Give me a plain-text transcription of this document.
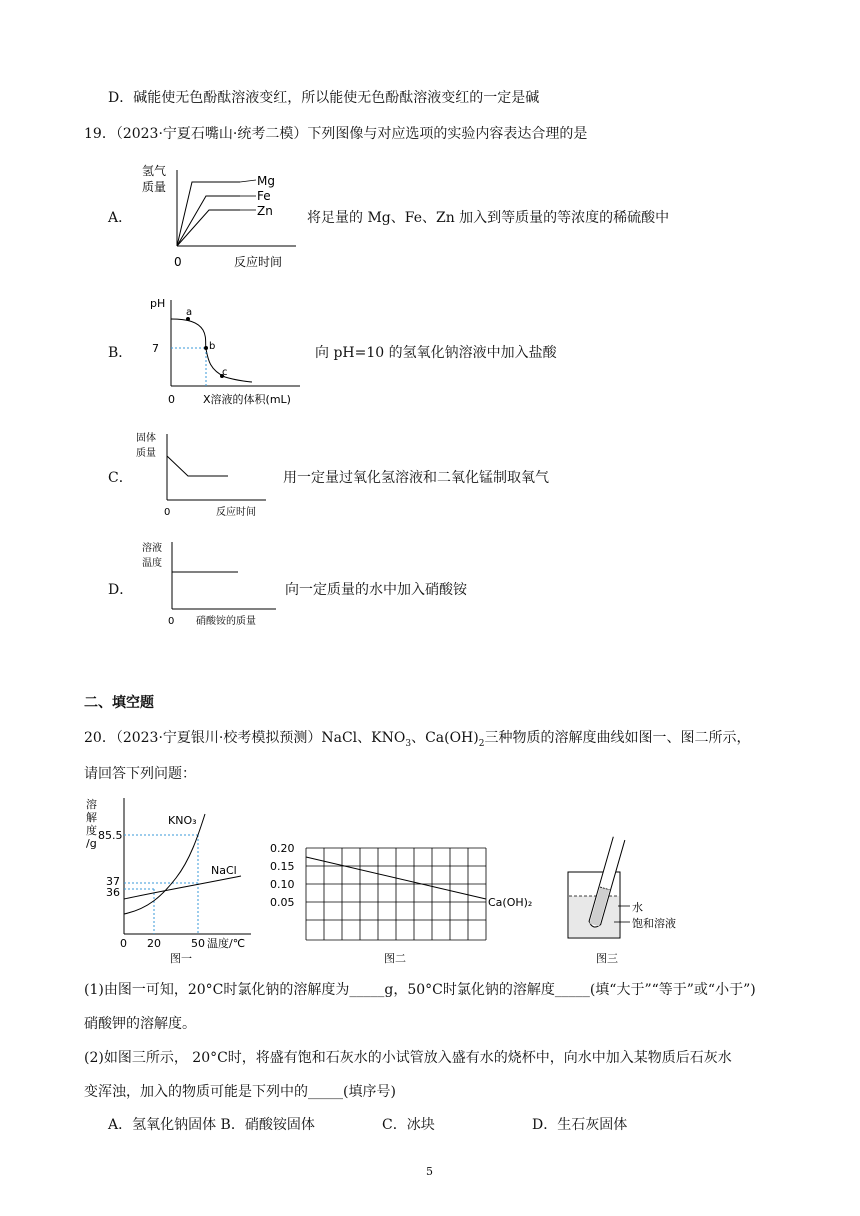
D．碱能使无色酚酞溶液变红，所以能使无色酚酞溶液变红的一定是碱
19．（2023·宁夏石嘴山·统考二模）下列图像与对应选项的实验内容表达合理的是
A．	将足量的 Mg、Fe、Zn 加入到等质量的等浓度的稀硫酸中
氢气
质量	Mg
Fe
Zn
0	反应时间
B．	向 pH=10 的氢氧化钠溶液中加入盐酸
pH
a
b
c
7
0	X溶液的体积(mL)
C．	用一定量过氧化氢溶液和二氧化锰制取氧气
固体
质量
0	反应时间
D．	向一定质量的水中加入硝酸铵
溶液
温度
0 硝酸铵的质量
二、填空题
20．（2023·宁夏银川·校考模拟预测）NaCl、$KNO_3$、$Ca(OH)_2$三种物质的溶解度曲线如图一、图二所示，
请回答下列问题：
溶
解
度
/g
85.5
37
36
KNO₃
NaCl
0 20	50 温度/℃
图一
0.20
0.15
0.10
0.05	Ca(OH)₂
图二
水
饱和溶液
图三
(1)由图一可知，20°C时氯化钠的溶解度为_____g，50°C时氯化钠的溶解度_____(填“大于”“等于”或“小于”)
硝酸钾的溶解度。
(2)如图三所示， 20°C时，将盛有饱和石灰水的小试管放入盛有水的烧杯中，向水中加入某物质后石灰水
变浑浊，加入的物质可能是下列中的_____(填序号)
A．氢氧化钠固体 B．硝酸铵固体	C．冰块	D．生石灰固体
5
